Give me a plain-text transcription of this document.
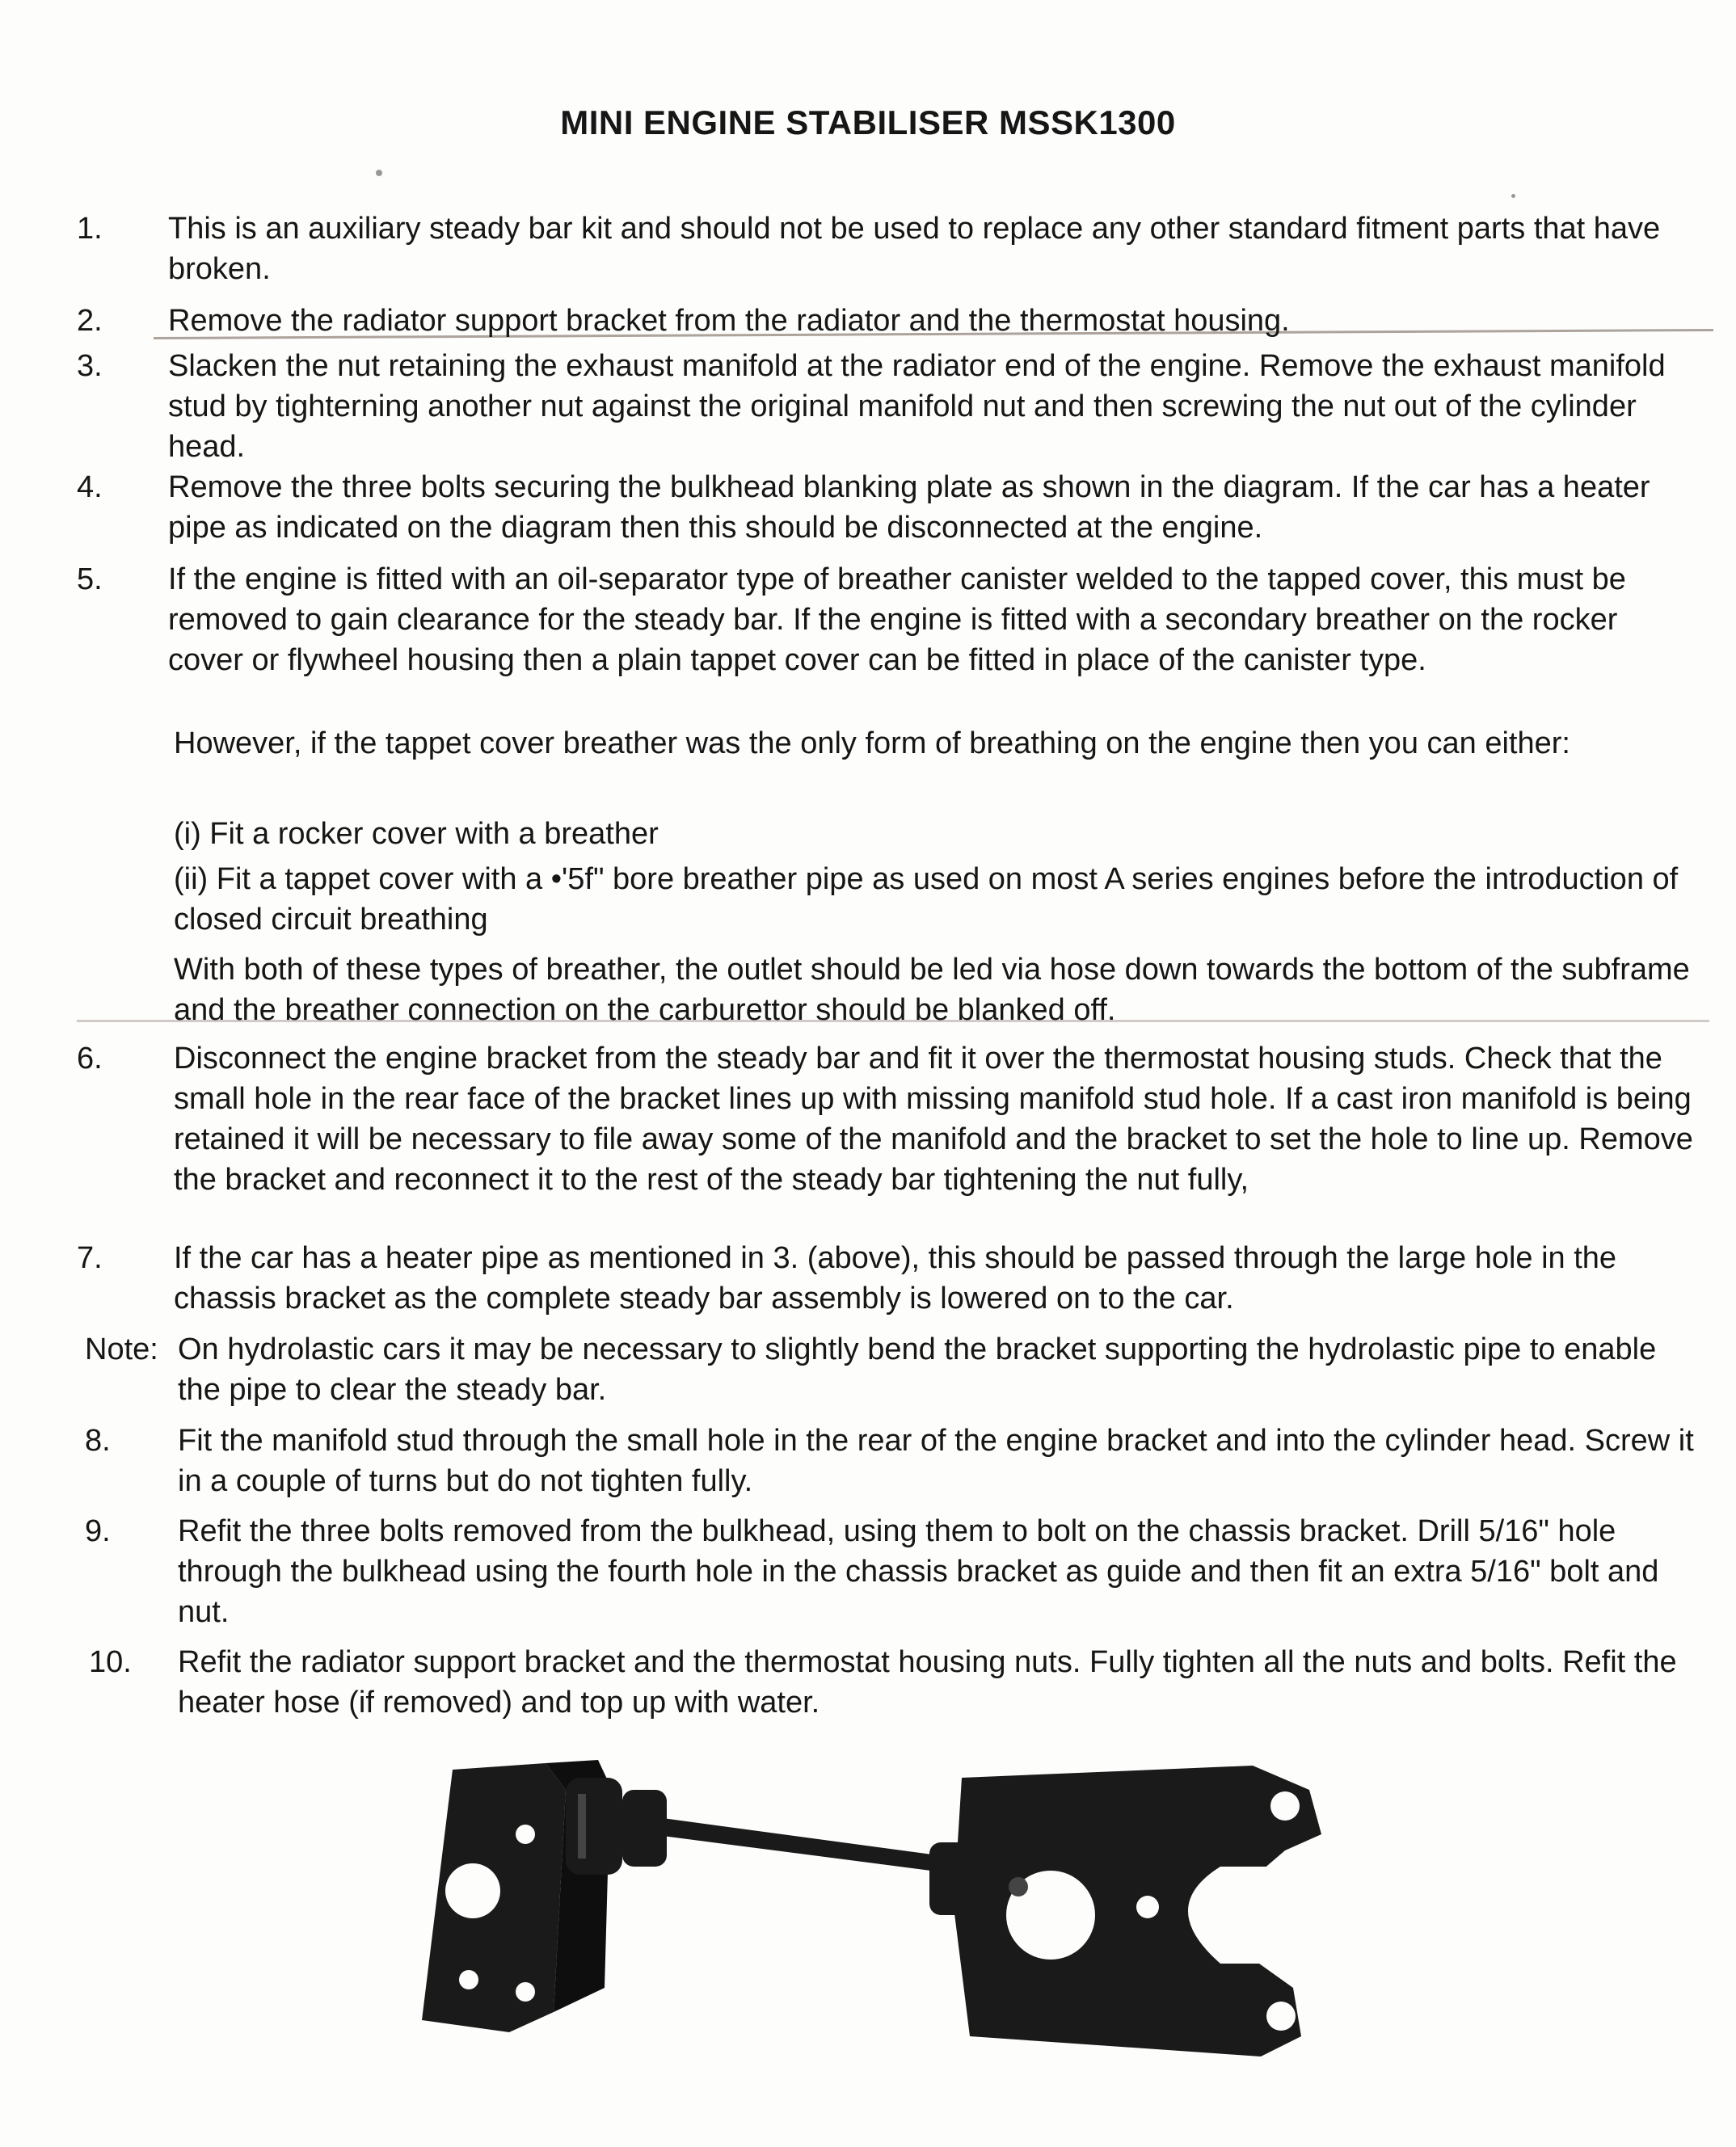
MINI ENGINE STABILISER MSSK1300
1. This is an auxiliary steady bar kit and should not be used to replace any other standard fitment parts that have broken.
2. Remove the radiator support bracket from the radiator and the thermostat housing.
3. Slacken the nut retaining the exhaust manifold at the radiator end of the engine. Remove the exhaust manifold stud by tighterning another nut against the original manifold nut and then screwing the nut out of the cylinder head.
4. Remove the three bolts securing the bulkhead blanking plate as shown in the diagram. If the car has a heater pipe as indicated on the diagram then this should be disconnected at the engine.
5. If the engine is fitted with an oil-separator type of breather canister welded to the tapped cover, this must be removed to gain clearance for the steady bar. If the engine is fitted with a secondary breather on the rocker cover or flywheel housing then a plain tappet cover can be fitted in place of the canister type.
However, if the tappet cover breather was the only form of breathing on the engine then you can either:
(i) Fit a rocker cover with a breather
(ii) Fit a tappet cover with a •'5f" bore breather pipe as used on most A series engines before the introduction of closed circuit breathing
With both of these types of breather, the outlet should be led via hose down towards the bottom of the subframe and the breather connection on the carburettor should be blanked off.
6. Disconnect the engine bracket from the steady bar and fit it over the thermostat housing studs. Check that the small hole in the rear face of the bracket lines up with missing manifold stud hole. If a cast iron manifold is being retained it will be necessary to file away some of the manifold and the bracket to set the hole to line up. Remove the bracket and reconnect it to the rest of the steady bar tightening the nut fully,
7. If the car has a heater pipe as mentioned in 3. (above), this should be passed through the large hole in the chassis bracket as the complete steady bar assembly is lowered on to the car.
Note: On hydrolastic cars it may be necessary to slightly bend the bracket supporting the hydrolastic pipe to enable the pipe to clear the steady bar.
8. Fit the manifold stud through the small hole in the rear of the engine bracket and into the cylinder head. Screw it in a couple of turns but do not tighten fully.
9. Refit the three bolts removed from the bulkhead, using them to bolt on the chassis bracket. Drill 5/16" hole through the bulkhead using the fourth hole in the chassis bracket as guide and then fit an extra 5/16" bolt and nut.
10. Refit the radiator support bracket and the thermostat housing nuts. Fully tighten all the nuts and bolts. Refit the heater hose (if removed) and top up with water.
